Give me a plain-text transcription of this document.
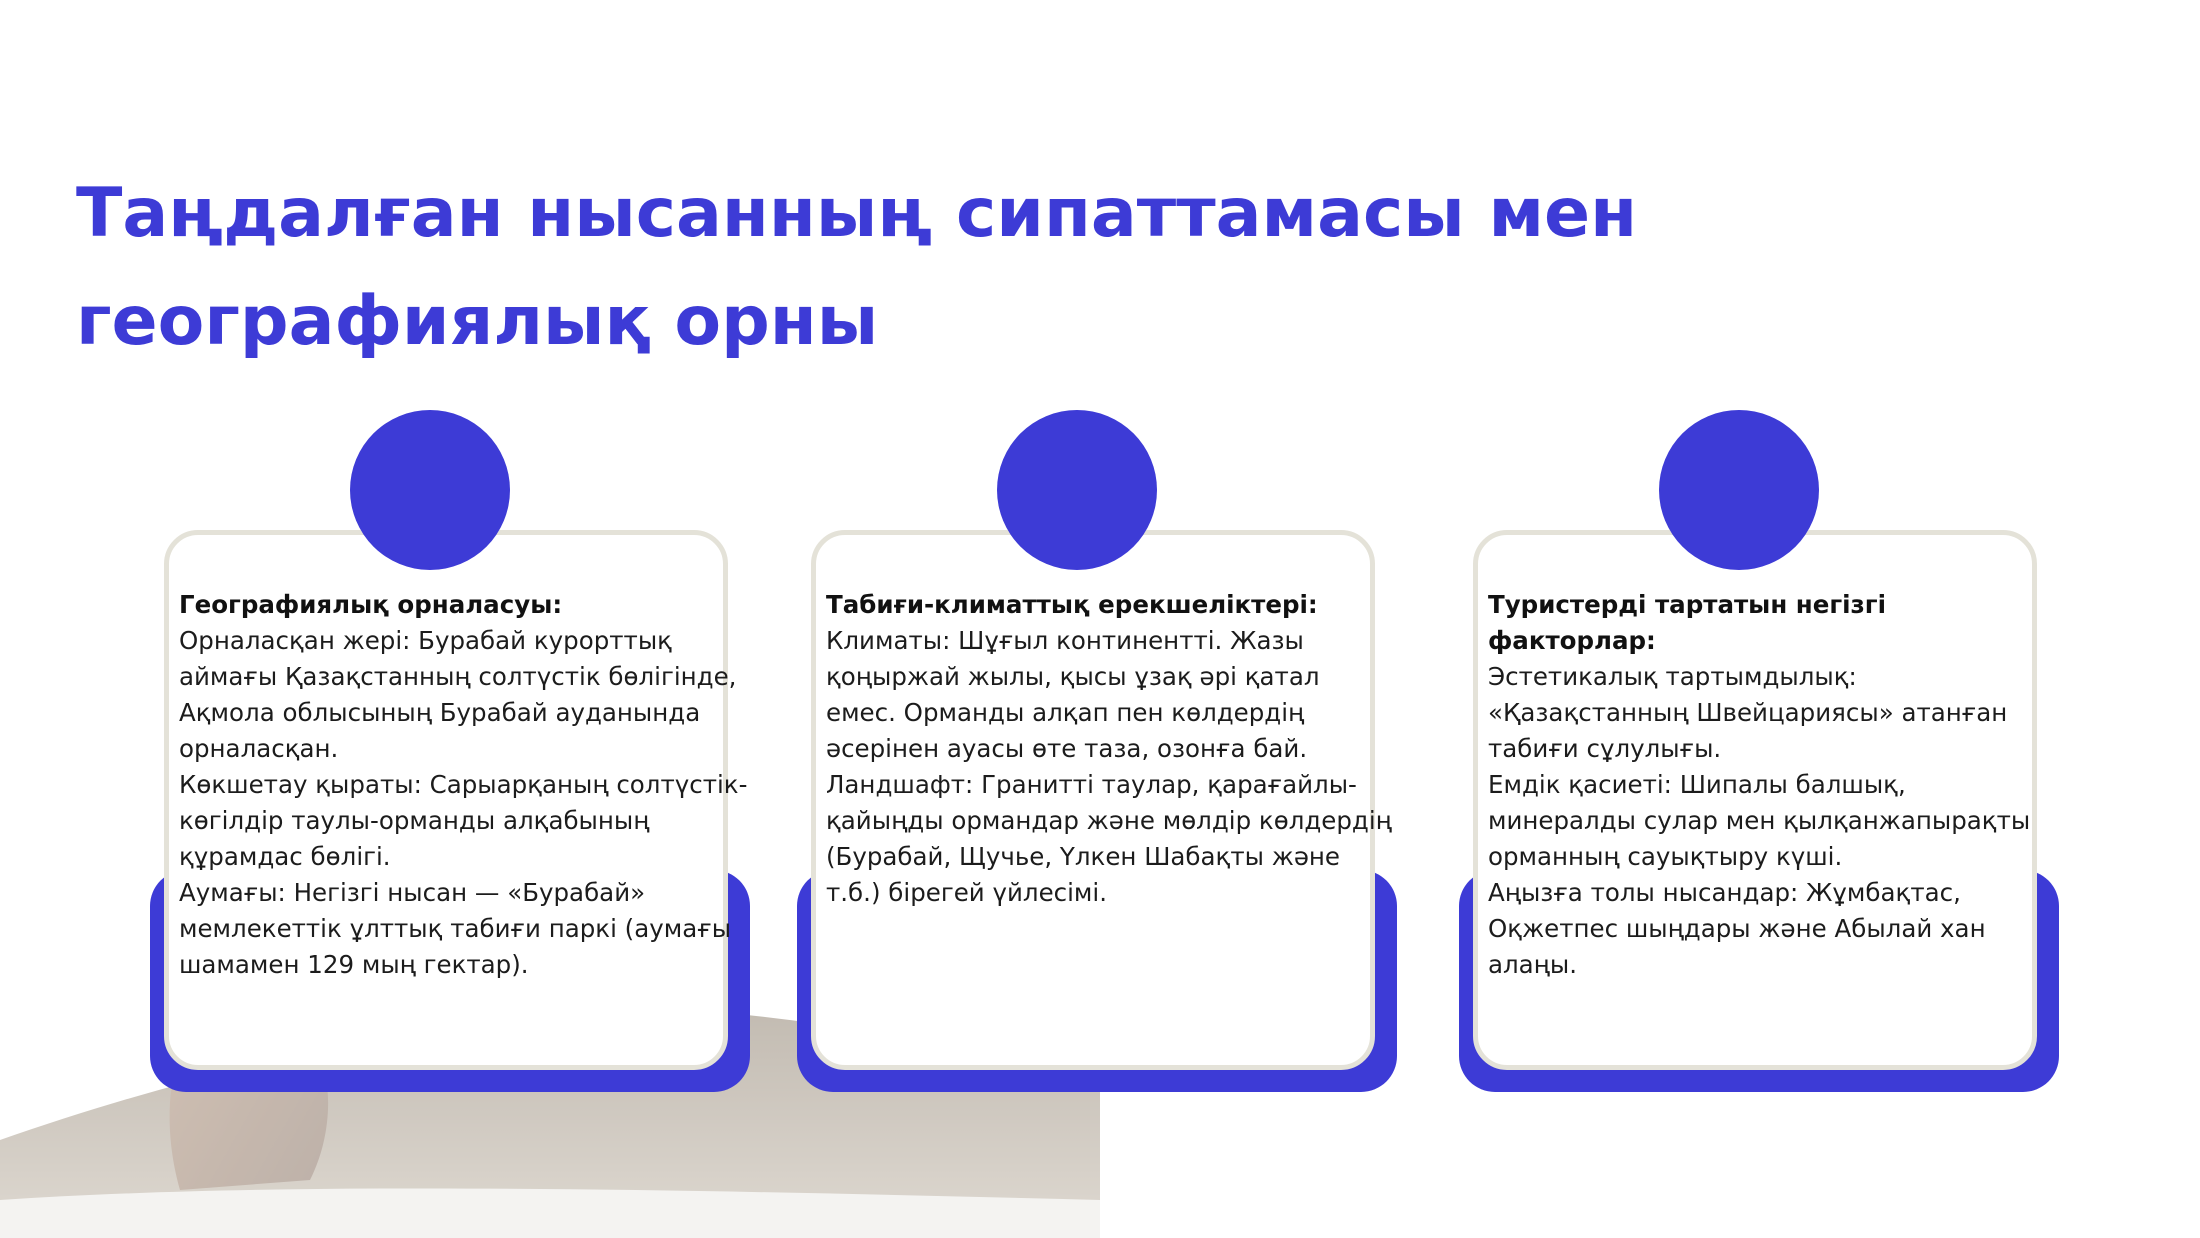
Таңдалған нысанның сипаттамасы мен географиялық орны
Географиялық орналасуы:
Орналасқан жері: Бурабай курорттық аймағы Қазақстанның солтүстік бөлігінде, Ақмола облысының Бурабай ауданында орналасқан.
Көкшетау қыраты: Сарыарқаның солтүстік-көгілдір таулы-орманды алқабының құрамдас бөлігі.
Аумағы: Негізгі нысан — «Бурабай» мемлекеттік ұлттық табиғи паркі (аумағы шамамен 129 мың гектар).
Табиғи-климаттық ерекшеліктері:
Климаты: Шұғыл континентті. Жазы қоңыржай жылы, қысы ұзақ әрі қатал емес. Орманды алқап пен көлдердің әсерінен ауасы өте таза, озонға бай.
Ландшафт: Гранитті таулар, қарағайлы-қайыңды ормандар және мөлдір көлдердің (Бурабай, Щучье, Үлкен Шабақты және т.б.) бірегей үйлесімі.
Туристерді тартатын негізгі факторлар:
Эстетикалық тартымдылық: «Қазақстанның Швейцариясы» атанған табиғи сұлулығы.
Емдік қасиеті: Шипалы балшық, минералды сулар мен қылқанжапырақты орманның сауықтыру күші.
Аңызға толы нысандар: Жұмбақтас, Оқжетпес шыңдары және Абылай хан алаңы.
